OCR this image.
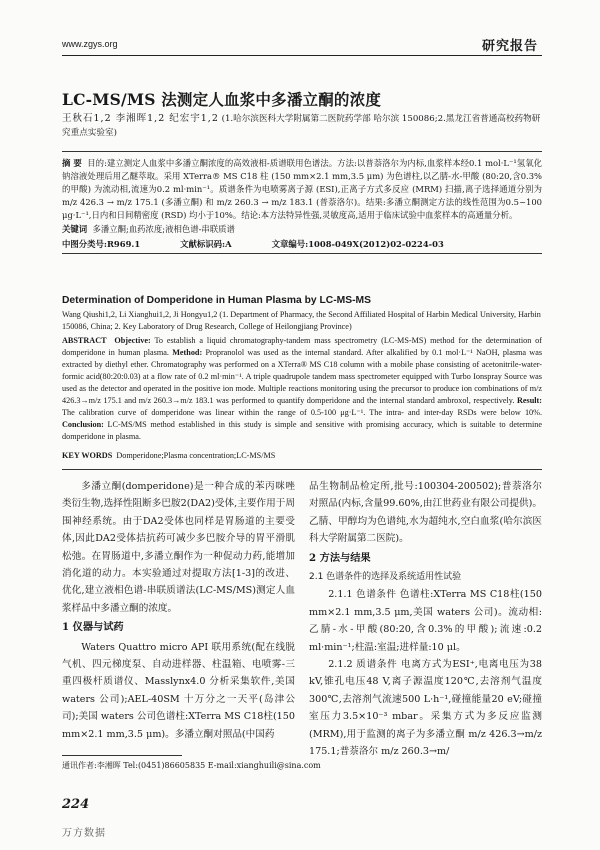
www.zgys.org	研究报告
LC-MS/MS 法测定人血浆中多潘立酮的浓度
王秋石1,2 李湘晖1,2 纪宏宇1,2 (1.哈尔滨医科大学附属第二医院药学部 哈尔滨 150086;2.黑龙江省普通高校药物研究重点实验室)
摘 要 目的:建立测定人血浆中多潘立酮浓度的高效液相-质谱联用色谱法。方法:以普萘洛尔为内标,血浆样本经0.1 mol·L⁻¹氢氧化钠溶液处理后用乙醚萃取。采用 XTerra® MS C18 柱 (150 mm×2.1 mm,3.5 μm) 为色谱柱,以乙腈-水-甲酸 (80:20,含0.3%的甲酸) 为流动相,流速为0.2 ml·min⁻¹。质谱条件为电喷雾离子源 (ESI),正离子方式多反应 (MRM) 扫描,离子选择通道分别为 m/z 426.3 → m/z 175.1 (多潘立酮) 和 m/z 260.3 → m/z 183.1 (普萘洛尔)。结果:多潘立酮测定方法的线性范围为0.5~100 μg·L⁻¹,日内和日间精密度 (RSD) 均小于10%。结论:本方法特异性强,灵敏度高,适用于临床试验中血浆样本的高通量分析。
关键词 多潘立酮;血药浓度;液相色谱-串联质谱
中图分类号:R969.1	文献标识码:A	文章编号:1008-049X(2012)02-0224-03
Determination of Domperidone in Human Plasma by LC-MS-MS
Wang Qiushi1,2, Li Xianghui1,2, Ji Hongyu1,2 (1. Department of Pharmacy, the Second Affiliated Hospital of Harbin Medical University, Harbin 150086, China; 2. Key Laboratory of Drug Research, College of Heilongjiang Province)
ABSTRACT Objective: To establish a liquid chromatography-tandem mass spectrometry (LC-MS-MS) method for the determination of domperidone in human plasma. Method: Propranolol was used as the internal standard. After alkalified by 0.1 mol·L⁻¹ NaOH, plasma was extracted by diethyl ether. Chromatography was performed on a XTerra® MS C18 column with a mobile phase consisting of acetonitrile-water-formic acid(80:20:0.03) at a flow rate of 0.2 ml·min⁻¹. A triple quadrupole tandem mass spectrometer equipped with Turbo Ionspray Source was used as the detector and operated in the positive ion mode. Multiple reactions monitoring using the precursor to produce ion combinations of m/z 426.3→m/z 175.1 and m/z 260.3→m/z 183.1 was performed to quantify domperidone and the internal standard ambroxol, respectively. Result: The calibration curve of domperidone was linear within the range of 0.5-100 μg·L⁻¹. The intra- and inter-day RSDs were below 10%. Conclusion: LC-MS/MS method established in this study is simple and sensitive with promising accuracy, which is suitable to determine domperidone in plasma.
KEY WORDS Domperidone;Plasma concentration;LC-MS/MS

多潘立酮(domperidone)是一种合成的苯丙咪唑类衍生物,选择性阻断多巴胺2(DA2)受体,主要作用于周围神经系统。由于DA2受体也同样是胃肠道的主要受体,因此DA2受体拮抗药可减少多巴胺介导的胃平滑肌松弛。在胃肠道中,多潘立酮作为一种促动力药,能增加消化道的动力。本实验通过对提取方法[1-3]的改进、优化,建立液相色谱-串联质谱法(LC-MS/MS)测定人血浆样品中多潘立酮的浓度。

1 仪器与试药

Waters Quattro micro API 联用系统(配在线脱气机、四元梯度泵、自动进样器、柱温箱、电喷雾-三重四极杆质谱仪、Masslynx4.0 分析采集软件,美国 waters 公司);AEL-40SM 十万分之一天平(岛津公司);美国 waters 公司色谱柱:XTerra MS C18柱(150 mm×2.1 mm,3.5 μm)。多潘立酮对照品(中国药

品生物制品检定所,批号:100304-200502);普萘洛尔对照品(内标,含量99.60%,由江世药业有限公司提供)。乙腈、甲醇均为色谱纯,水为超纯水,空白血浆(哈尔滨医科大学附属第二医院)。

2 方法与结果

2.1 色谱条件的选择及系统适用性试验

2.1.1 色谱条件 色谱柱:XTerra MS C18柱(150 mm×2.1 mm,3.5 μm,美国 waters 公司)。流动相:乙腈-水-甲酸(80:20,含0.3%的甲酸);流速:0.2 ml·min⁻¹;柱温:室温;进样量:10 μl。

2.1.2 质谱条件 电离方式为ESI⁺,电离电压为38 kV,锥孔电压48 V,离子源温度120℃,去溶剂气温度300℃,去溶剂气流速500 L·h⁻¹,碰撞能量20 eV;碰撞室压力3.5×10⁻³ mbar。采集方式为多反应监测(MRM),用于监测的离子为多潘立酮 m/z 426.3→m/z 175.1;普萘洛尔 m/z 260.3→m/

通讯作者:李湘晖 Tel:(0451)86605835 E-mail:xianghuili@sina.com
224
万方数据
